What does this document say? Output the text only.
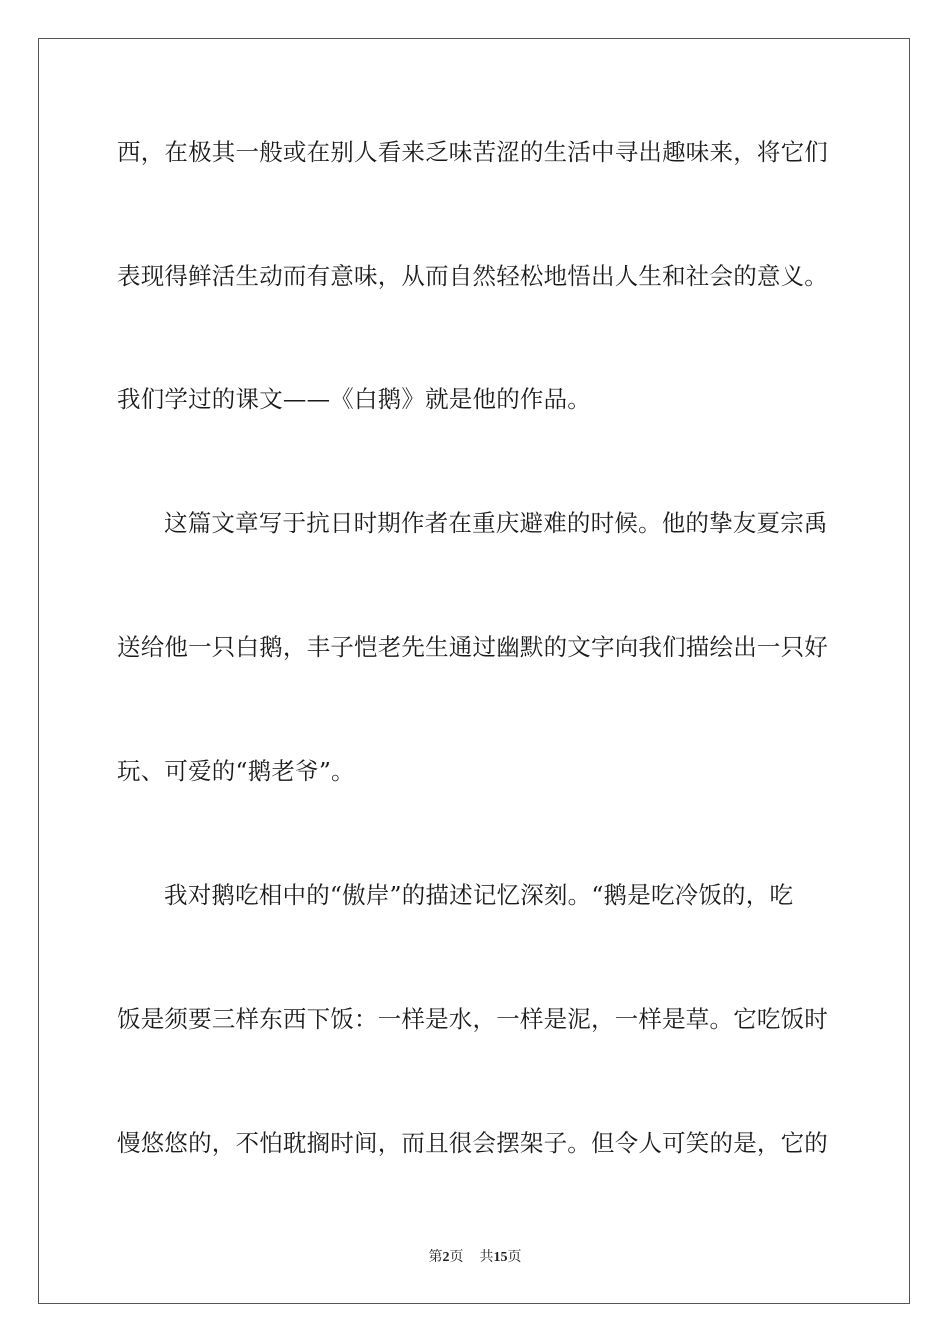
西，在极其一般或在别人看来乏味苦涩的生活中寻出趣味来，将它们
表现得鲜活生动而有意味，从而自然轻松地悟出人生和社会的意义。
我们学过的课文——《白鹅》就是他的作品。
这篇文章写于抗日时期作者在重庆避难的时候。他的挚友夏宗禹
送给他一只白鹅，丰子恺老先生通过幽默的文字向我们描绘出一只好
玩、可爱的“鹅老爷”。
我对鹅吃相中的“傲岸”的描述记忆深刻。“鹅是吃冷饭的，吃
饭是须要三样东西下饭：一样是水，一样是泥，一样是草。它吃饭时
慢悠悠的，不怕耽搁时间，而且很会摆架子。但令人可笑的是，它的
第2页 共15页
